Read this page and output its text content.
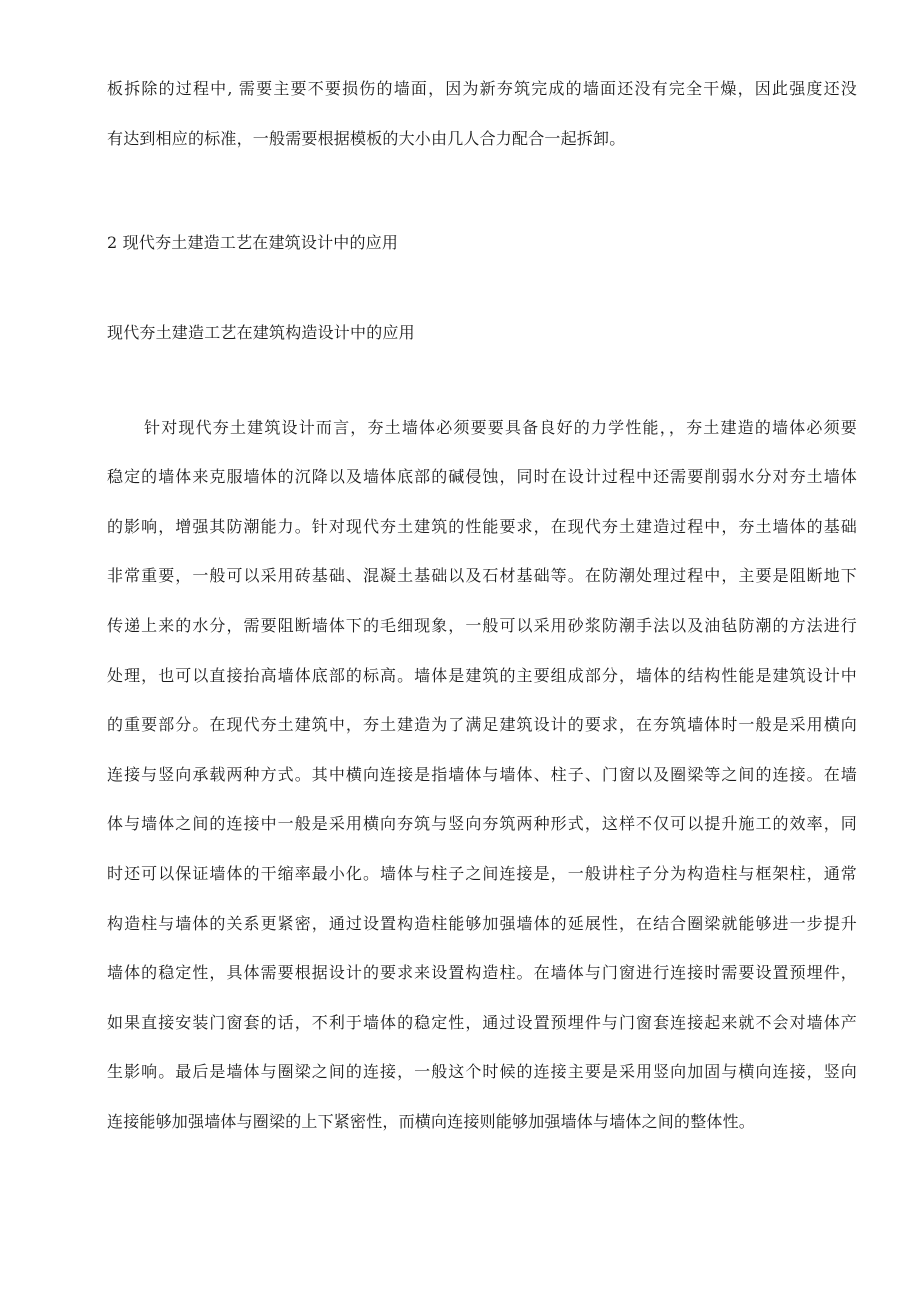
板拆除的过程中, 需要主要不要损伤的墙面，因为新夯筑完成的墙面还没有完全干燥，因此强度还没
有达到相应的标准，一般需要根据模板的大小由几人合力配合一起拆卸。
2 现代夯土建造工艺在建筑设计中的应用
现代夯土建造工艺在建筑构造设计中的应用
针对现代夯土建筑设计而言，夯土墙体必须要要具备良好的力学性能，，夯土建造的墙体必须要
稳定的墙体来克服墙体的沉降以及墙体底部的碱侵蚀，同时在设计过程中还需要削弱水分对夯土墙体
的影响，增强其防潮能力。针对现代夯土建筑的性能要求，在现代夯土建造过程中，夯土墙体的基础
非常重要，一般可以采用砖基础、混凝土基础以及石材基础等。在防潮处理过程中，主要是阻断地下
传递上来的水分，需要阻断墙体下的毛细现象，一般可以采用砂浆防潮手法以及油毡防潮的方法进行
处理，也可以直接抬高墙体底部的标高。墙体是建筑的主要组成部分，墙体的结构性能是建筑设计中
的重要部分。在现代夯土建筑中，夯土建造为了满足建筑设计的要求，在夯筑墙体时一般是采用横向
连接与竖向承载两种方式。其中横向连接是指墙体与墙体、柱子、门窗以及圈梁等之间的连接。在墙
体与墙体之间的连接中一般是采用横向夯筑与竖向夯筑两种形式，这样不仅可以提升施工的效率，同
时还可以保证墙体的干缩率最小化。墙体与柱子之间连接是，一般讲柱子分为构造柱与框架柱，通常
构造柱与墙体的关系更紧密，通过设置构造柱能够加强墙体的延展性，在结合圈梁就能够进一步提升
墙体的稳定性，具体需要根据设计的要求来设置构造柱。在墙体与门窗进行连接时需要设置预埋件，
如果直接安装门窗套的话，不利于墙体的稳定性，通过设置预埋件与门窗套连接起来就不会对墙体产
生影响。最后是墙体与圈梁之间的连接，一般这个时候的连接主要是采用竖向加固与横向连接，竖向
连接能够加强墙体与圈梁的上下紧密性，而横向连接则能够加强墙体与墙体之间的整体性。
